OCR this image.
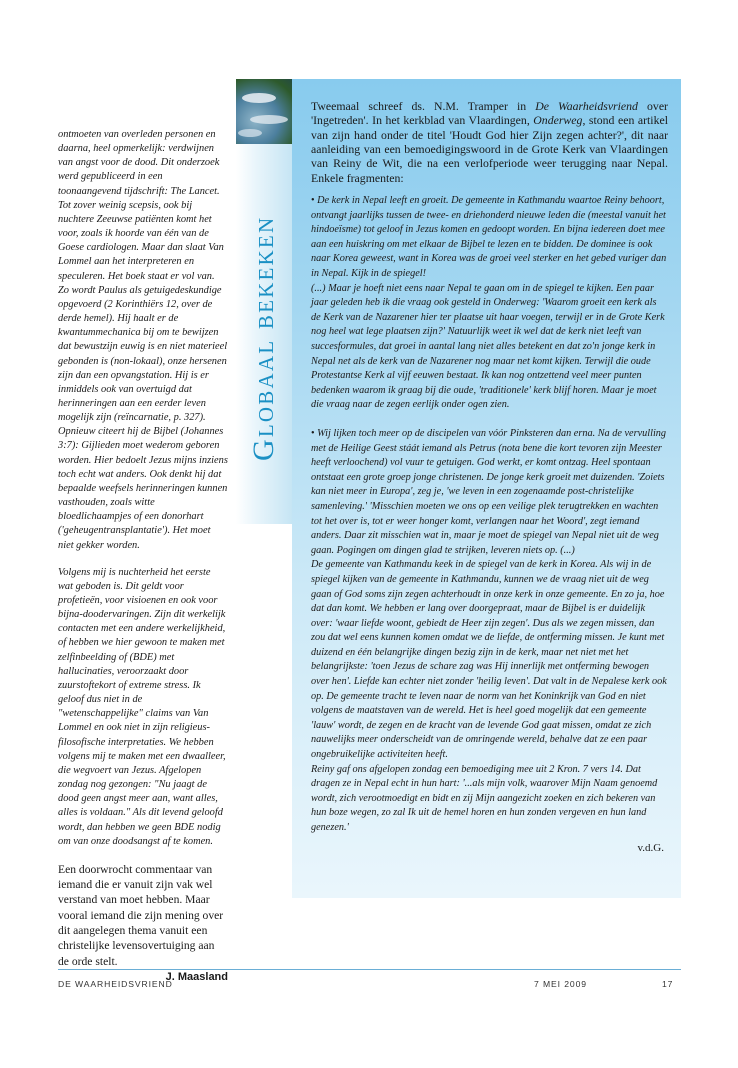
ontmoeten van overleden personen en daarna, heel opmerkelijk: verdwijnen van angst voor de dood. Dit onderzoek werd gepubliceerd in een toonaangevend tijdschrift: The Lancet. Tot zover weinig scepsis, ook bij nuchtere Zeeuwse patiënten komt het voor, zoals ik hoorde van één van de Goese cardiologen. Maar dan slaat Van Lommel aan het interpreteren en speculeren. Het boek staat er vol van. Zo wordt Paulus als getuigedeskundige opgevoerd (2 Korinthiërs 12, over de derde hemel). Hij haalt er de kwantummechanica bij om te bewijzen dat bewustzijn euwig is en niet materieel gebonden is (non-lokaal), onze hersenen zijn dan een opvangstation. Hij is er inmiddels ook van overtuigd dat herinneringen aan een eerder leven mogelijk zijn (reïncarnatie, p. 327). Opnieuw citeert hij de Bijbel (Johannes 3:7): Gijlieden moet wederom geboren worden. Hier bedoelt Jezus mijns inziens toch echt wat anders. Ook denkt hij dat bepaalde weefsels herinneringen kunnen vasthouden, zoals witte bloedlichaampjes of een donorhart ('geheugentransplantatie'). Het moet niet gekker worden.

Volgens mij is nuchterheid het eerste wat geboden is. Dit geldt voor profetieën, voor visioenen en ook voor bijna-doodervaringen. Zijn dit werkelijk contacten met een andere werkelijkheid, of hebben we hier gewoon te maken met zelfinbeelding of (BDE) met hallucinaties, veroorzaakt door zuurstoftekort of extreme stress. Ik geloof dus niet in de "wetenschappelijke" claims van Van Lommel en ook niet in zijn religieus-filosofische interpretaties. We hebben volgens mij te maken met een dwaalleer, die wegvoert van Jezus. Afgelopen zondag nog gezongen: "Nu jaagt de dood geen angst meer aan, want alles, alles is voldaan." Als dit levend geloofd wordt, dan hebben we geen BDE nodig om van onze doodsangst af te komen.

Een doorwrocht commentaar van iemand die er vanuit zijn vak wel verstand van moet hebben. Maar vooral iemand die zijn mening over dit aangelegen thema vanuit een christelijke levensovertuiging aan de orde stelt.

J. Maasland
Globaal bekeken

Tweemaal schreef ds. N.M. Tramper in De Waarheidsvriend over 'Ingetreden'. In het kerkblad van Vlaardingen, Onderweg, stond een artikel van zijn hand onder de titel 'Houdt God hier Zijn zegen achter?', dit naar aanleiding van een bemoedigingswoord in de Grote Kerk van Vlaardingen van Reiny de Wit, die na een verlofperiode weer terugging naar Nepal. Enkele fragmenten:

• De kerk in Nepal leeft en groeit. De gemeente in Kathmandu waartoe Reiny behoort, ontvangt jaarlijks tussen de twee- en driehonderd nieuwe leden die (meestal vanuit het hindoeïsme) tot geloof in Jezus komen en gedoopt worden. En bijna iedereen doet mee aan een huiskring om met elkaar de Bijbel te lezen en te bidden. De dominee is ook naar Korea geweest, want in Korea was de groei veel sterker en het gebed vuriger dan in Nepal. Kijk in de spiegel!

(...) Maar je hoeft niet eens naar Nepal te gaan om in de spiegel te kijken. Een paar jaar geleden heb ik die vraag ook gesteld in Onderweg: 'Waarom groeit een kerk als de Kerk van de Nazarener hier ter plaatse uit haar voegen, terwijl er in de Grote Kerk nog heel wat lege plaatsen zijn?' Natuurlijk weet ik wel dat de kerk niet leeft van succesformules, dat groei in aantal lang niet alles betekent en dat zo'n jonge kerk in Nepal net als de kerk van de Nazarener nog maar net komt kijken. Terwijl die oude Protestantse Kerk al vijf eeuwen bestaat. Ik kan nog ontzettend veel meer punten bedenken waarom ik graag bij die oude, 'traditionele' kerk blijf horen. Maar je moet die vraag naar de zegen eerlijk onder ogen zien.

• Wij lijken toch meer op de discipelen van vóór Pinksteren dan erna. Na de vervulling met de Heilige Geest stáát iemand als Petrus (nota bene die kort tevoren zijn Meester heeft verloochend) vol vuur te getuigen. God werkt, er komt ontzag. Heel spontaan ontstaat een grote groep jonge christenen. De jonge kerk groeit met duizenden. 'Zoiets kan niet meer in Europa', zeg je, 'we leven in een zogenaamde post-christelijke samenleving.' 'Misschien moeten we ons op een veilige plek terugtrekken en wachten tot het over is, tot er weer honger komt, verlangen naar het Woord', zegt iemand anders. Daar zit misschien wat in, maar je moet de spiegel van Nepal niet uit de weg gaan. Pogingen om dingen glad te strijken, leveren niets op. (...)

De gemeente van Kathmandu keek in de spiegel van de kerk in Korea. Als wij in de spiegel kijken van de gemeente in Kathmandu, kunnen we de vraag niet uit de weg gaan of God soms zijn zegen achterhoudt in onze kerk in onze gemeente. En zo ja, hoe dat dan komt. We hebben er lang over doorgepraat, maar de Bijbel is er duidelijk over: 'waar liefde woont, gebiedt de Heer zijn zegen'. Dus als we zegen missen, dan zou dat wel eens kunnen komen omdat we de liefde, de ontferming missen. Je kunt met duizend en één belangrijke dingen bezig zijn in de kerk, maar net niet met het belangrijkste: 'toen Jezus de schare zag was Hij innerlijk met ontferming bewogen over hen'. Liefde kan echter niet zonder 'heilig leven'. Dat valt in de Nepalese kerk ook op. De gemeente tracht te leven naar de norm van het Koninkrijk van God en niet volgens de maatstaven van de wereld. Het is heel goed mogelijk dat een gemeente 'lauw' wordt, de zegen en de kracht van de levende God gaat missen, omdat ze zich nauwelijks meer onderscheidt van de omringende wereld, behalve dat ze een paar ongebruikelijke activiteiten heeft.

Reiny gaf ons afgelopen zondag een bemoediging mee uit 2 Kron. 7 vers 14. Dat dragen ze in Nepal echt in hun hart: '...als mijn volk, waarover Mijn Naam genoemd wordt, zich verootmoedigt en bidt en zij Mijn aangezicht zoeken en zich bekeren van hun boze wegen, zo zal Ik uit de hemel horen en hun zonden vergeven en hun land genezen.'

v.d.G.
DE WAARHEIDSVRIEND	7 MEI 2009	17
